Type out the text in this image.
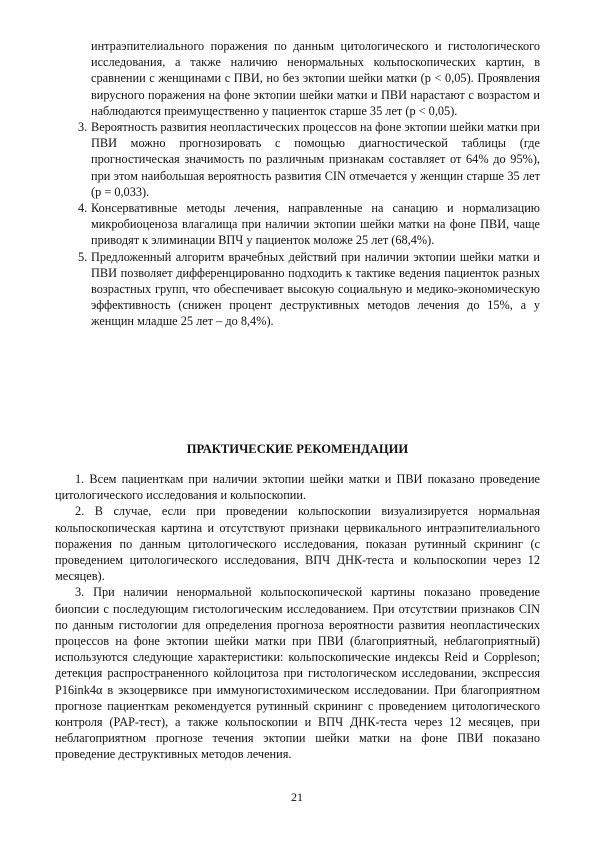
интраэпителиального поражения по данным цитологического и гистологического исследования, а также наличию ненормальных кольпоскопических картин, в сравнении с женщинами с ПВИ, но без эктопии шейки матки (p < 0,05). Проявления вирусного поражения на фоне эктопии шейки матки и ПВИ нарастают с возрастом и наблюдаются преимущественно у пациенток старше 35 лет (p < 0,05).

3. Вероятность развития неопластических процессов на фоне эктопии шейки матки при ПВИ можно прогнозировать с помощью диагностической таблицы (где прогностическая значимость по различным признакам составляет от 64% до 95%), при этом наибольшая вероятность развития CIN отмечается у женщин старше 35 лет (p = 0,033).
4. Консервативные методы лечения, направленные на санацию и нормализацию микробиоценоза влагалища при наличии эктопии шейки матки на фоне ПВИ, чаще приводят к элиминации ВПЧ у пациенток моложе 25 лет (68,4%).
5. Предложенный алгоритм врачебных действий при наличии эктопии шейки матки и ПВИ позволяет дифференцированно подходить к тактике ведения пациенток разных возрастных групп, что обеспечивает высокую социальную и медико-экономическую эффективность (снижен процент деструктивных методов лечения до 15%, а у женщин младше 25 лет – до 8,4%).
ПРАКТИЧЕСКИЕ РЕКОМЕНДАЦИИ

1. Всем пациенткам при наличии эктопии шейки матки и ПВИ показано проведение цитологического исследования и кольпоскопии.

2. В случае, если при проведении кольпоскопии визуализируется нормальная кольпоскопическая картина и отсутствуют признаки цервикального интраэпителиального поражения по данным цитологического исследования, показан рутинный скрининг (с проведением цитологического исследования, ВПЧ ДНК-теста и кольпоскопии через 12 месяцев).

3. При наличии ненормальной кольпоскопической картины показано проведение биопсии с последующим гистологическим исследованием. При отсутствии признаков CIN по данным гистологии для определения прогноза вероятности развития неопластических процессов на фоне эктопии шейки матки при ПВИ (благоприятный, неблагоприятный) используются следующие характеристики: кольпоскопические индексы Reid и Coppleson; детекция распространенного койлоцитоза при гистологическом исследовании, экспрессия P16ink4α в экзоцервиксе при иммуногистохимическом исследовании. При благоприятном прогнозе пациенткам рекомендуется рутинный скрининг с проведением цитологического контроля (PAP-тест), а также кольпоскопии и ВПЧ ДНК-теста через 12 месяцев, при неблагоприятном прогнозе течения эктопии шейки матки на фоне ПВИ показано проведение деструктивных методов лечения.

21
